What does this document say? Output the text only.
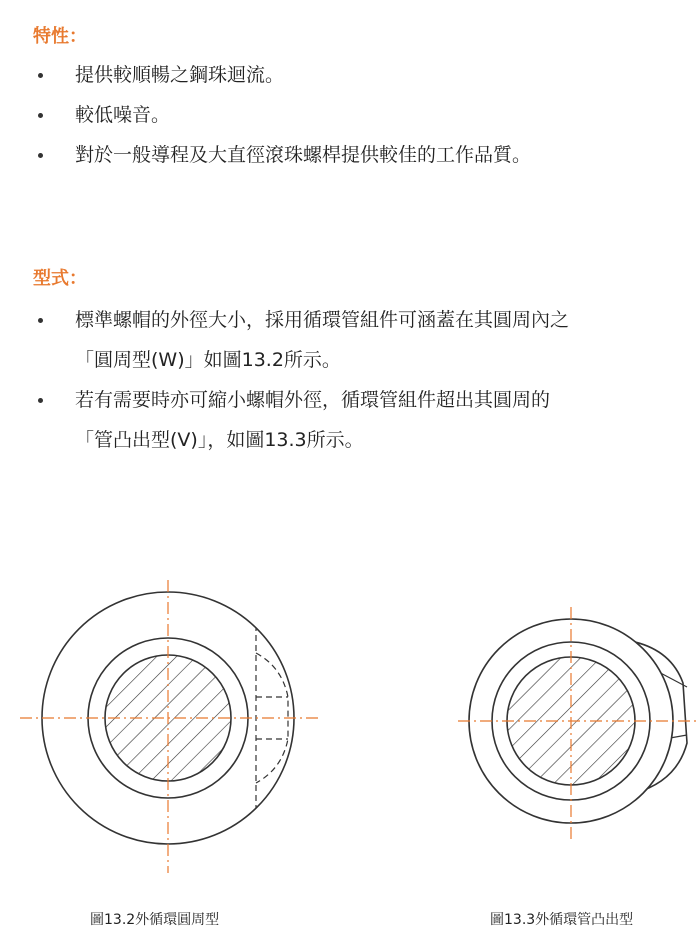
特性：
提供較順暢之鋼珠迴流。
較低噪音。
對於一般導程及大直徑滾珠螺桿提供較佳的工作品質。
型式：
標準螺帽的外徑大小，採用循環管組件可涵蓋在其圓周內之「圓周型(W)」如圖13.2所示。
若有需要時亦可縮小螺帽外徑，循環管組件超出其圓周的「管凸出型(V)」，如圖13.3所示。
圖13.2外循環圓周型	圖13.3外循環管凸出型
